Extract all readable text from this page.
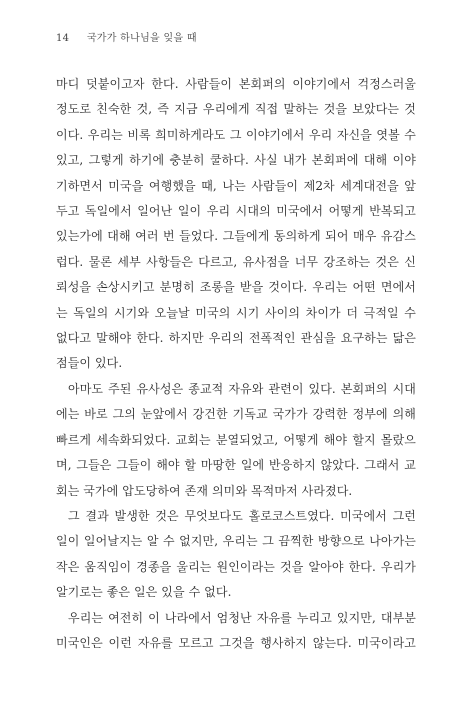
14 국가가 하나님을 잊을 때
마디 덧붙이고자 한다. 사람들이 본회퍼의 이야기에서 걱정스러울
정도로 친숙한 것, 즉 지금 우리에게 직접 말하는 것을 보았다는 것
이다. 우리는 비록 희미하게라도 그 이야기에서 우리 자신을 엿볼 수
있고, 그렇게 하기에 충분히 쿨하다. 사실 내가 본회퍼에 대해 이야
기하면서 미국을 여행했을 때, 나는 사람들이 제2차 세계대전을 앞
두고 독일에서 일어난 일이 우리 시대의 미국에서 어떻게 반복되고
있는가에 대해 여러 번 들었다. 그들에게 동의하게 되어 매우 유감스
럽다. 물론 세부 사항들은 다르고, 유사점을 너무 강조하는 것은 신
뢰성을 손상시키고 분명히 조롱을 받을 것이다. 우리는 어떤 면에서
는 독일의 시기와 오늘날 미국의 시기 사이의 차이가 더 극적일 수
없다고 말해야 한다. 하지만 우리의 전폭적인 관심을 요구하는 닮은
점들이 있다.
아마도 주된 유사성은 종교적 자유와 관련이 있다. 본회퍼의 시대
에는 바로 그의 눈앞에서 강건한 기독교 국가가 강력한 정부에 의해
빠르게 세속화되었다. 교회는 분열되었고, 어떻게 해야 할지 몰랐으
며, 그들은 그들이 해야 할 마땅한 일에 반응하지 않았다. 그래서 교
회는 국가에 압도당하여 존재 의미와 목적마저 사라졌다.
그 결과 발생한 것은 무엇보다도 홀로코스트였다. 미국에서 그런
일이 일어날지는 알 수 없지만, 우리는 그 끔찍한 방향으로 나아가는
작은 움직임이 경종을 울리는 원인이라는 것을 알아야 한다. 우리가
알기로는 좋은 일은 있을 수 없다.
우리는 여전히 이 나라에서 엄청난 자유를 누리고 있지만, 대부분
미국인은 이런 자유를 모르고 그것을 행사하지 않는다. 미국이라고
